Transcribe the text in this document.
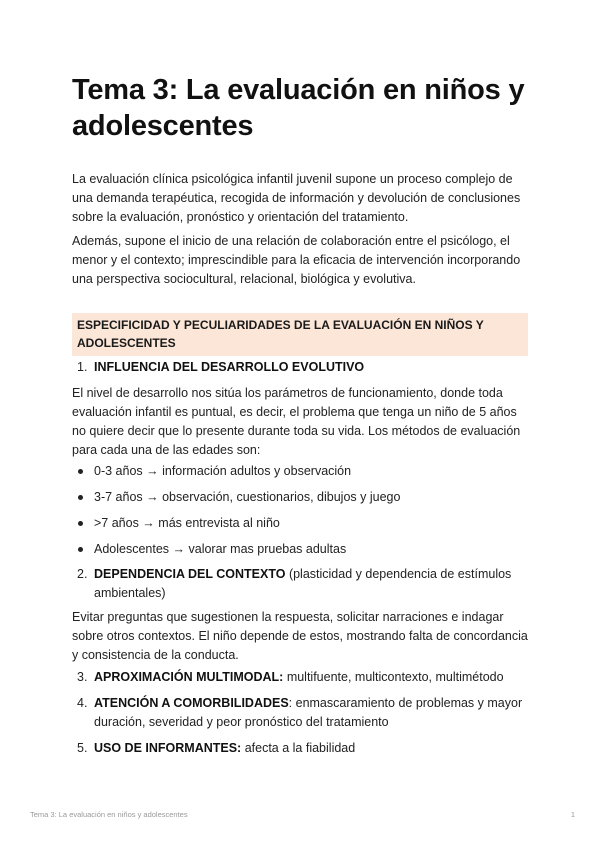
Tema 3: La evaluación en niños y adolescentes

La evaluación clínica psicológica infantil juvenil supone un proceso complejo de una demanda terapéutica, recogida de información y devolución de conclusiones sobre la evaluación, pronóstico y orientación del tratamiento.

Además, supone el inicio de una relación de colaboración entre el psicólogo, el menor y el contexto; imprescindible para la eficacia de intervención incorporando una perspectiva sociocultural, relacional, biológica y evolutiva.

ESPECIFICIDAD Y PECULIARIDADES DE LA EVALUACIÓN EN NIÑOS Y ADOLESCENTES
1. INFLUENCIA DEL DESARROLLO EVOLUTIVO

El nivel de desarrollo nos sitúa los parámetros de funcionamiento, donde toda evaluación infantil es puntual, es decir, el problema que tenga un niño de 5 años no quiere decir que lo presente durante toda su vida. Los métodos de evaluación para cada una de las edades son:

0-3 años → información adultos y observación
3-7 años → observación, cuestionarios, dibujos y juego
>7 años → más entrevista al niño
Adolescentes → valorar mas pruebas adultas
2. DEPENDENCIA DEL CONTEXTO (plasticidad y dependencia de estímulos ambientales)

Evitar preguntas que sugestionen la respuesta, solicitar narraciones e indagar sobre otros contextos. El niño depende de estos, mostrando falta de concordancia y consistencia de la conducta.

3. APROXIMACIÓN MULTIMODAL: multifuente, multicontexto, multimétodo
4. ATENCIÓN A COMORBILIDADES: enmascaramiento de problemas y mayor duración, severidad y peor pronóstico del tratamiento
5. USO DE INFORMANTES: afecta a la fiabilidad
Tema 3: La evaluación en niños y adolescentes	1
